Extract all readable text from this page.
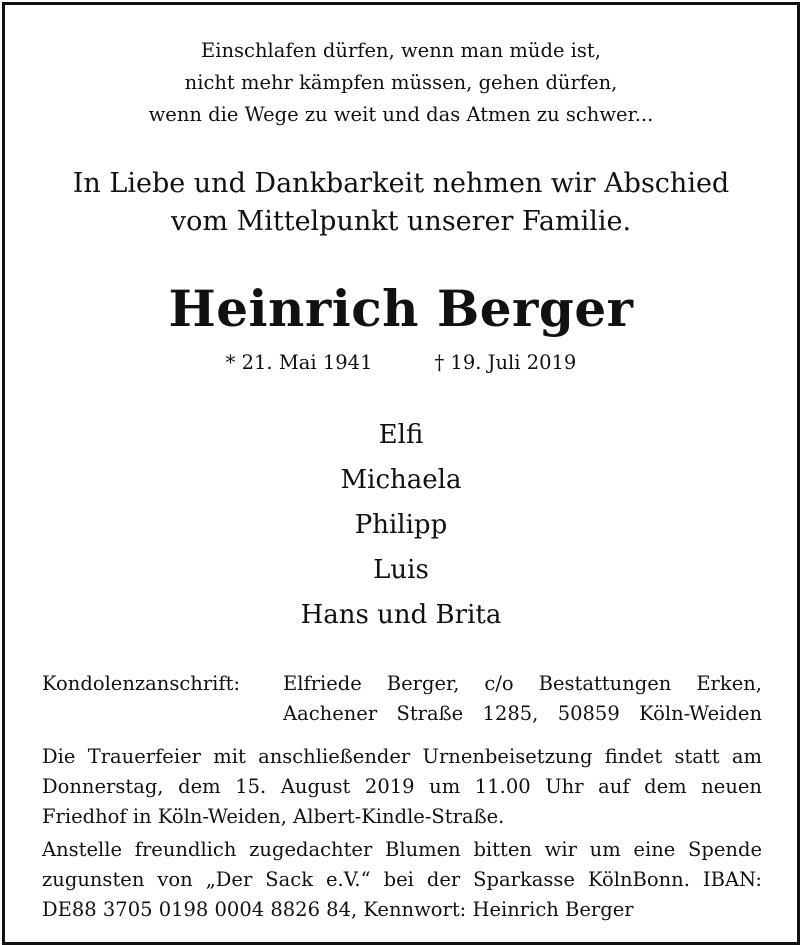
Einschlafen dürfen, wenn man müde ist,
nicht mehr kämpfen müssen, gehen dürfen,
wenn die Wege zu weit und das Atmen zu schwer...
In Liebe und Dankbarkeit nehmen wir Abschied
vom Mittelpunkt unserer Familie.
Heinrich Berger
* 21. Mai 1941	† 19. Juli 2019
Elfi
Michaela
Philipp
Luis
Hans und Brita
Kondolenzanschrift:	Elfriede Berger, c/o Bestattungen Erken,
Aachener Straße 1285, 50859 Köln-Weiden
Die Trauerfeier mit anschließender Urnenbeisetzung findet statt am
Donnerstag, dem 15. August 2019 um 11.00 Uhr auf dem neuen
Friedhof in Köln-Weiden, Albert-Kindle-Straße.
Anstelle freundlich zugedachter Blumen bitten wir um eine Spende
zugunsten von „Der Sack e.V.“ bei der Sparkasse KölnBonn. IBAN:
DE88 3705 0198 0004 8826 84, Kennwort: Heinrich Berger
